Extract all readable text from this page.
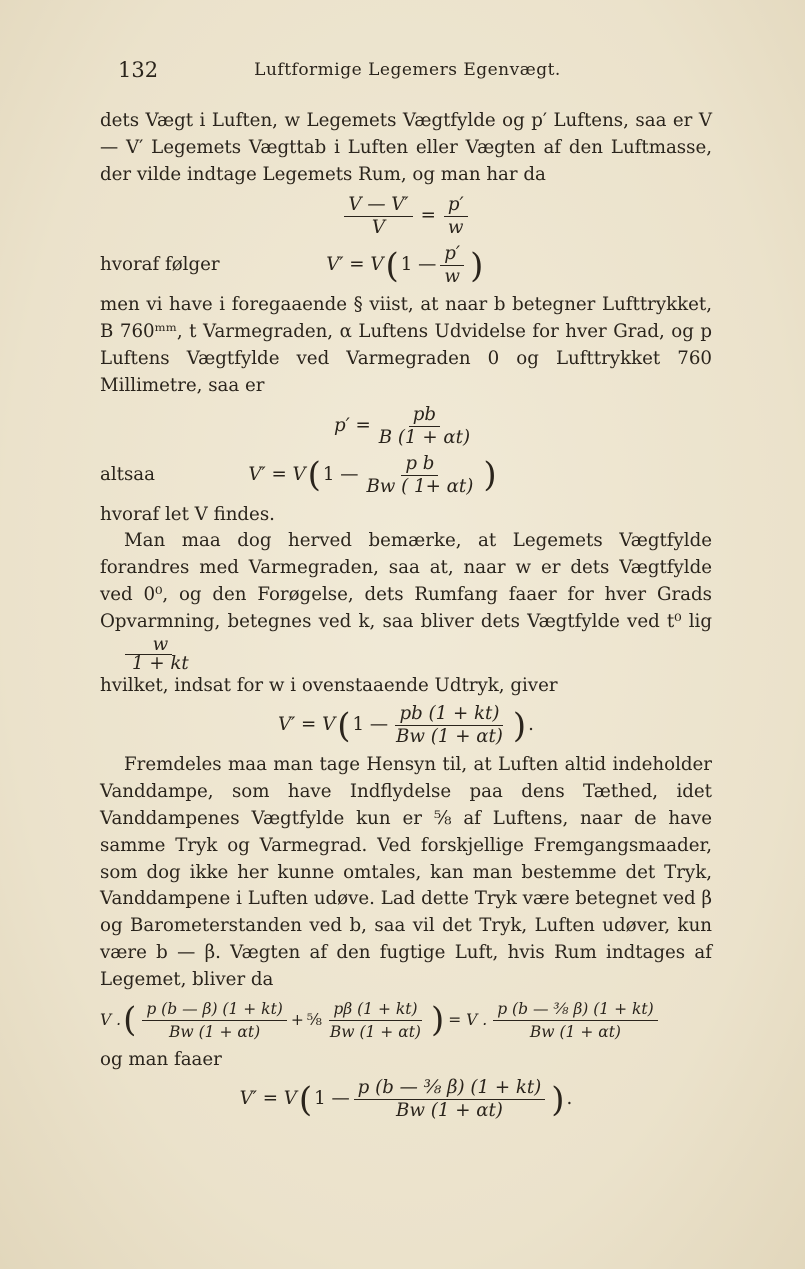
132	Luftformige Legemers Egenvægt.

dets Vægt i Luften, w Legemets Vægtfylde og p′ Luftens, saa er V — V′ Legemets Vægttab i Luften eller Vægten af den Luftmasse, der vilde indtage Legemets Rum, og man har da

$\frac{V — V'}{V} = \frac{p'}{w}$
hvoraf følger	V′ = V ( 1 — $\frac{p'}{w}$ )

men vi have i foregaaende § viist, at naar b betegner Lufttrykket, B 760ᵐᵐ, t Varmegraden, α Luftens Udvidelse for hver Grad, og p Luftens Vægtfylde ved Varmegraden 0 og Lufttrykket 760 Millimetre, saa er

$p' = \frac{pb}{B (1 + \alpha t)}$
altsaa	V′ = V ( 1 — $\frac{\text{p b}}{Bw ( 1+ \alpha t)}$ )

hvoraf let V findes.

Man maa dog herved bemærke, at Legemets Vægtfylde forandres med Varmegraden, saa at, naar w er dets Vægtfylde ved 0⁰, og den Forøgelse, dets Rumfang faaer for hver Grads Opvarmning, betegnes ved k, saa bliver dets Vægtfylde ved t⁰ lig
$\frac{w}{1 + kt}$

hvilket, indsat for w i ovenstaaende Udtryk, giver

V′ = V ( 1 — $\frac{pb (1 + kt)}{Bw (1 + \alpha t)}$ ) .

Fremdeles maa man tage Hensyn til, at Luften altid indeholder Vanddampe, som have Indflydelse paa dens Tæthed, idet Vanddampenes Vægtfylde kun er ⅝ af Luftens, naar de have samme Tryk og Varmegrad. Ved forskjellige Fremgangsmaader, som dog ikke her kunne omtales, kan man bestemme det Tryk, Vanddampene i Luften udøve. Lad dette Tryk være betegnet ved β og Barometerstanden ved b, saa vil det Tryk, Luften udøver, kun være b — β. Vægten af den fugtige Luft, hvis Rum indtages af Legemet, bliver da

V . ( $\frac{p (b — \beta) (1 + kt)}{Bw (1 + \alpha t)}$ + ⅝ $\frac{p\beta (1 + kt)}{Bw (1 + \alpha t)}$ ) = V . $\frac{\text{p (b — ⅜ β) (1 + kt)}}{Bw (1 + \alpha t)}$

og man faaer

V′ = V ( 1 — $\frac{\text{p (b — ⅜ β) (1 + kt)}}{Bw (1 + \alpha t)}$ ) .
